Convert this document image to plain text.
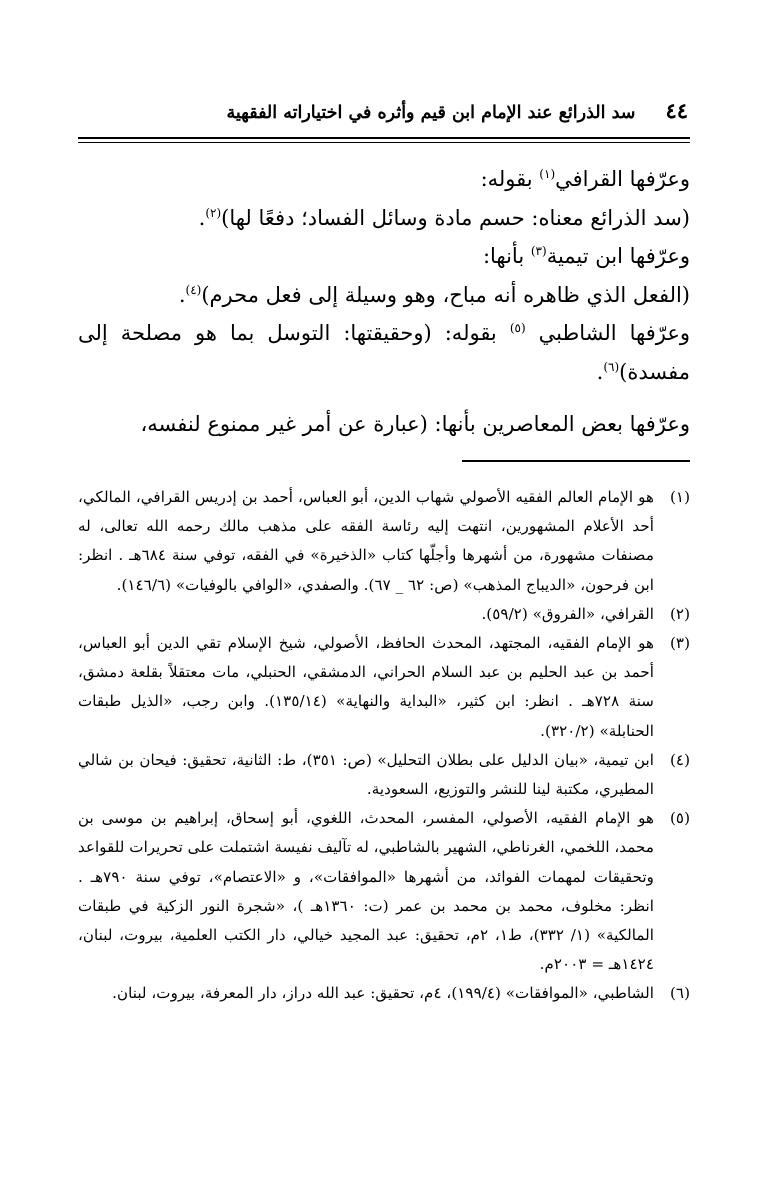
٤٤
سد الذرائع عند الإمام ابن قيم وأثره في اختياراته الفقهية

وعرّفها القرافي$^{(١)}$ بقوله:

(سد الذرائع معناه: حسم مادة وسائل الفساد؛ دفعًا لها)$^{(٢)}$.

وعرّفها ابن تيمية$^{(٣)}$ بأنها:

(الفعل الذي ظاهره أنه مباح، وهو وسيلة إلى فعل محرم)$^{(٤)}$.

وعرّفها الشاطبي $^{(٥)}$ بقوله: (وحقيقتها: التوسل بما هو مصلحة إلى مفسدة)$^{(٦)}$.

وعرّفها بعض المعاصرين بأنها: (عبارة عن أمر غير ممنوع لنفسه،

(١)
هو الإمام العالم الفقيه الأصولي شهاب الدين، أبو العباس، أحمد بن إدريس القرافي، المالكي، أحد الأعلام المشهورين، انتهت إليه رئاسة الفقه على مذهب مالك رحمه الله تعالى، له مصنفات مشهورة، من أشهرها وأجلّها كتاب «الذخيرة» في الفقه، توفي سنة ٦٨٤هـ . انظر: ابن فرحون، «الديباج المذهب» (ص: ٦٢ _ ٦٧). والصفدي، «الوافي بالوفيات» (١٤٦/٦).
(٢)
القرافي، «الفروق» (٥٩/٢).
(٣)
هو الإمام الفقيه، المجتهد، المحدث الحافظ، الأصولي، شيخ الإسلام تقي الدين أبو العباس، أحمد بن عبد الحليم بن عبد السلام الحراني، الدمشقي، الحنبلي، مات معتقلاً بقلعة دمشق، سنة ٧٢٨هـ . انظر: ابن كثير، «البداية والنهاية» (١٣٥/١٤). وابن رجب، «الذيل طبقات الحنابلة» (٣٢٠/٢).
(٤)
ابن تيمية، «بيان الدليل على بطلان التحليل» (ص: ٣٥١)، ط: الثانية، تحقيق: فيحان بن شالي المطيري، مكتبة لينا للنشر والتوزيع، السعودية.
(٥)
هو الإمام الفقيه، الأصولي، المفسر، المحدث، اللغوي، أبو إسحاق، إبراهيم بن موسى بن محمد، اللخمي، الغرناطي، الشهير بالشاطبي، له تآليف نفيسة اشتملت على تحريرات للقواعد وتحقيقات لمهمات الفوائد، من أشهرها «الموافقات»، و «الاعتصام»، توفي سنة ٧٩٠هـ . انظر: مخلوف، محمد بن محمد بن عمر (ت: ١٣٦٠هـ )، «شجرة النور الزكية في طبقات المالكية» (١/ ٣٣٢)، ط١، ٢م، تحقيق: عبد المجيد خيالي، دار الكتب العلمية، بيروت، لبنان، ١٤٢٤هـ = ٢٠٠٣م.
(٦)
الشاطبي، «الموافقات» (١٩٩/٤)، ٤م، تحقيق: عبد الله دراز، دار المعرفة، بيروت، لبنان.
